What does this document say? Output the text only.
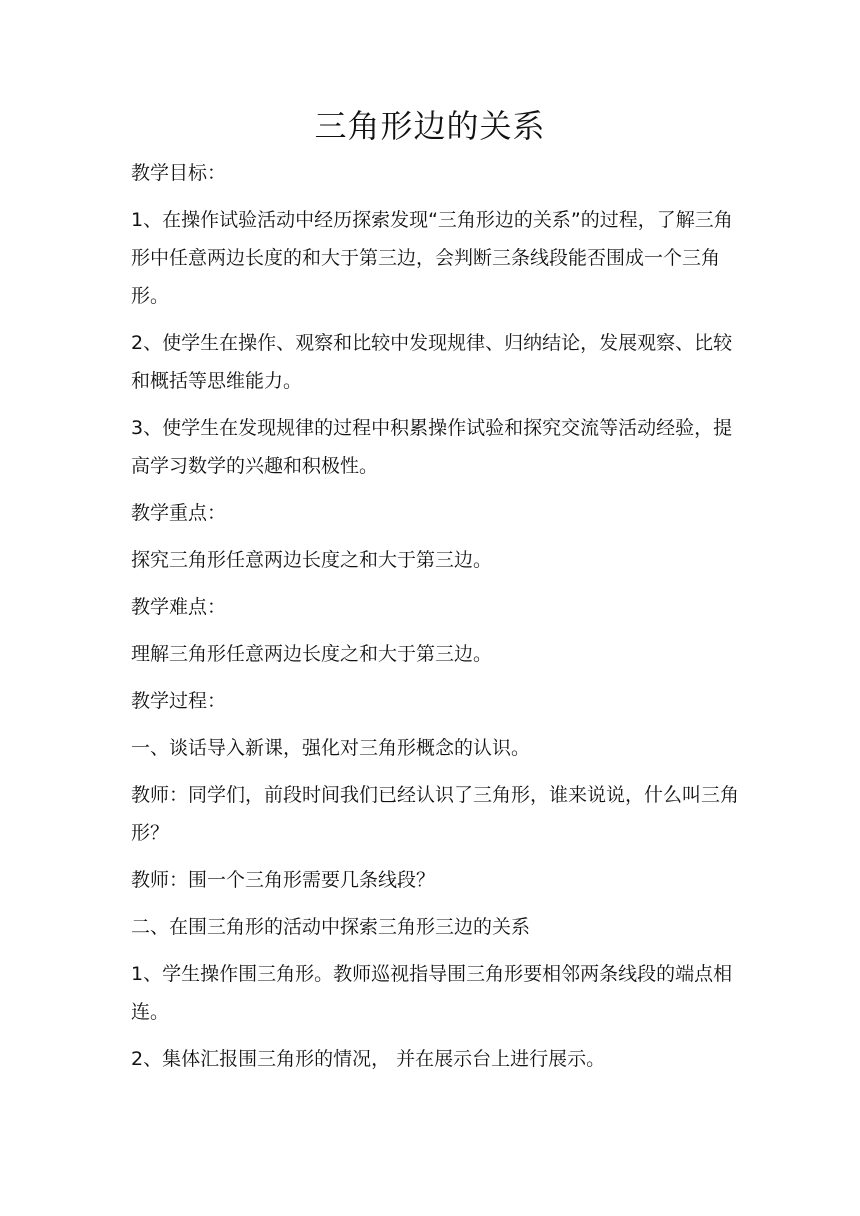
三角形边的关系

教学目标：

1、在操作试验活动中经历探索发现“三角形边的关系”的过程，了解三角形中任意两边长度的和大于第三边，会判断三条线段能否围成一个三角形。

2、使学生在操作、观察和比较中发现规律、归纳结论，发展观察、比较和概括等思维能力。

3、使学生在发现规律的过程中积累操作试验和探究交流等活动经验，提高学习数学的兴趣和积极性。

教学重点：

探究三角形任意两边长度之和大于第三边。

教学难点：

理解三角形任意两边长度之和大于第三边。

教学过程：

一、谈话导入新课，强化对三角形概念的认识。

教师：同学们，前段时间我们已经认识了三角形，谁来说说，什么叫三角形？

教师：围一个三角形需要几条线段？

二、在围三角形的活动中探索三角形三边的关系

1、学生操作围三角形。教师巡视指导围三角形要相邻两条线段的端点相连。

2、集体汇报围三角形的情况， 并在展示台上进行展示。
